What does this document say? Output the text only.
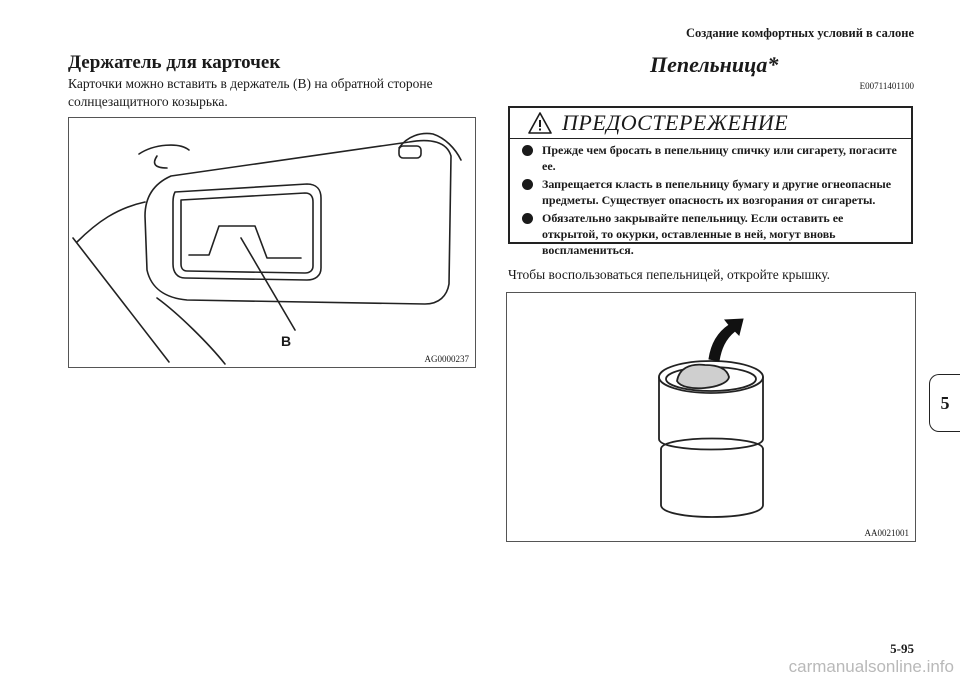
Создание комфортных условий в салоне
Держатель для карточек
Карточки можно вставить в держатель (B) на обратной стороне солнцезащитного козырька.
B
AG0000237
Пепельница*
E00711401100
ПРЕДОСТЕРЕЖЕНИЕ
Прежде чем бросать в пепельницу спичку или сигарету, погасите ее.
Запрещается класть в пепельницу бумагу и другие огнеопасные предметы. Существует опасность их возгорания от сигареты.
Обязательно закрывайте пепельницу. Если оставить ее открытой, то окурки, оставленные в ней, могут вновь воспламениться.
Чтобы воспользоваться пепельницей, откройте крышку.
AA0021001
5
5-95
carmanualsonline.info
